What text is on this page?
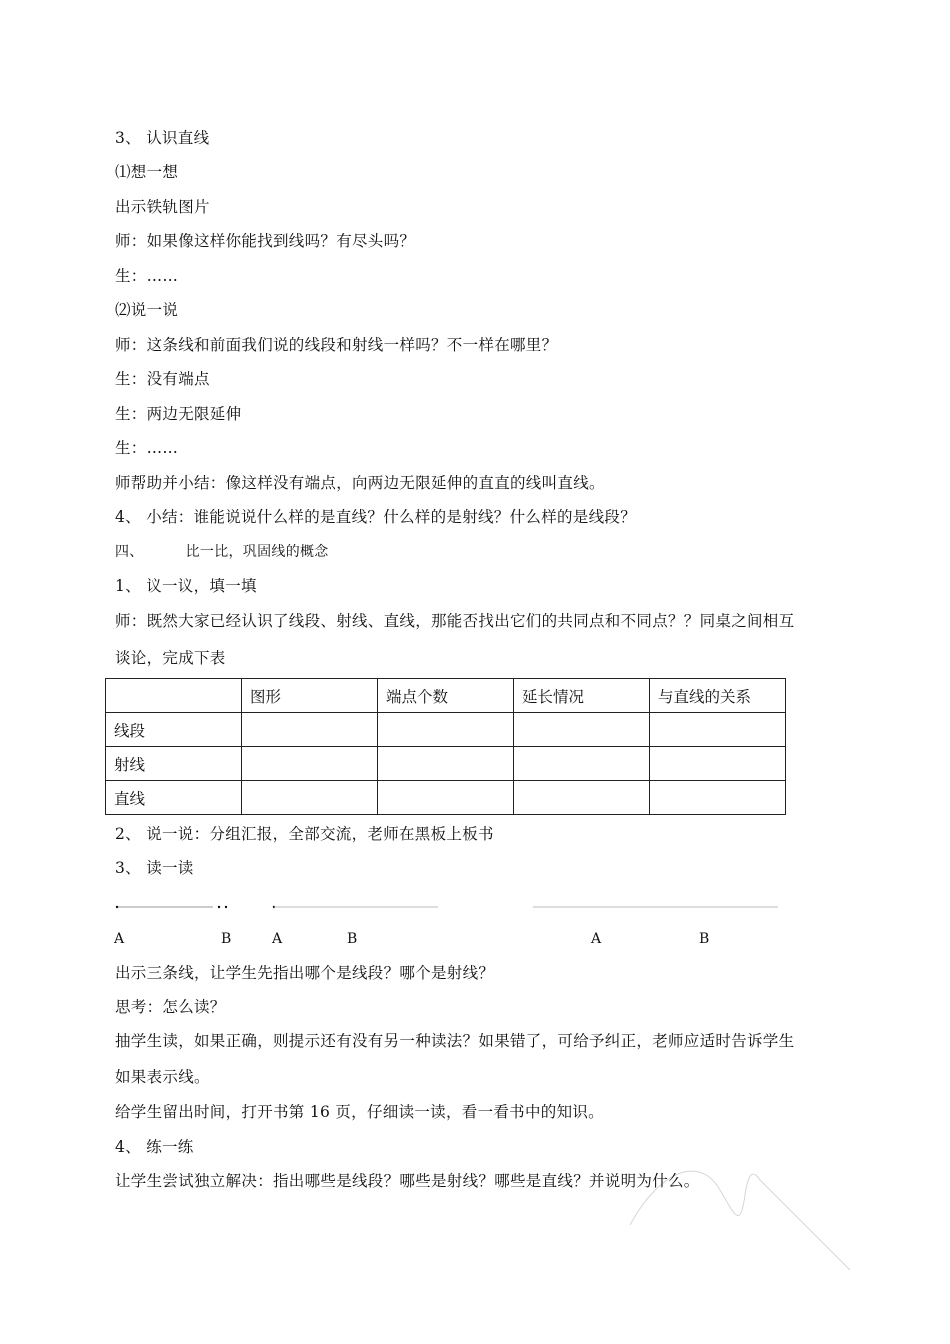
3、 认识直线
⑴想一想
出示铁轨图片
师：如果像这样你能找到线吗？有尽头吗？
生：……
⑵说一说
师：这条线和前面我们说的线段和射线一样吗？不一样在哪里？
生：没有端点
生：两边无限延伸
生：……
师帮助并小结：像这样没有端点，向两边无限延伸的直直的线叫直线。
4、 小结：谁能说说什么样的是直线？什么样的是射线？什么样的是线段？
四、	比一比，巩固线的概念
1、 议一议，填一填
师：既然大家已经认识了线段、射线、直线，那能否找出它们的共同点和不同点？？同桌之间相互
谈论，完成下表
	图形	端点个数	延长情况	与直线的关系
线段				
射线				
直线				
2、 说一说：分组汇报，全部交流，老师在黑板上板书
3、 读一读
A	B	A	B	A	B
出示三条线，让学生先指出哪个是线段？哪个是射线？
思考：怎么读？
抽学生读，如果正确，则提示还有没有另一种读法？如果错了，可给予纠正，老师应适时告诉学生
如果表示线。
给学生留出时间，打开书第 16 页，仔细读一读，看一看书中的知识。
4、 练一练
让学生尝试独立解决：指出哪些是线段？哪些是射线？哪些是直线？并说明为什么。
